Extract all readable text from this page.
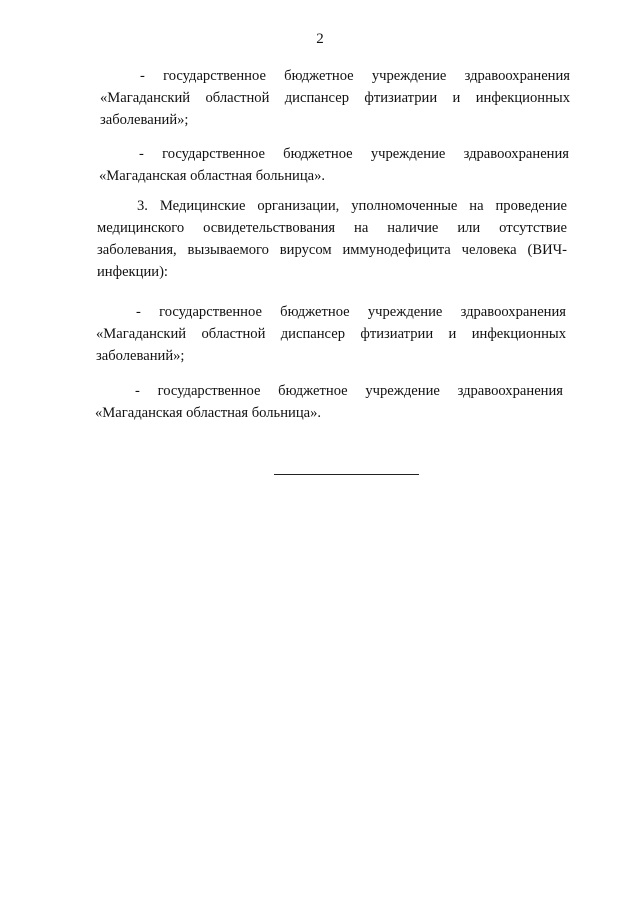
2
- государственное бюджетное учреждение здравоохранения
«Магаданский областной диспансер фтизиатрии и инфекционных
заболеваний»;
- государственное бюджетное учреждение здравоохранения
«Магаданская областная больница».
3. Медицинские организации, уполномоченные на проведение
медицинского освидетельствования на наличие или отсутствие
заболевания, вызываемого вирусом иммунодефицита человека (ВИЧ-
инфекции):
- государственное бюджетное учреждение здравоохранения
«Магаданский областной диспансер фтизиатрии и инфекционных
заболеваний»;
- государственное бюджетное учреждение здравоохранения
«Магаданская областная больница».
